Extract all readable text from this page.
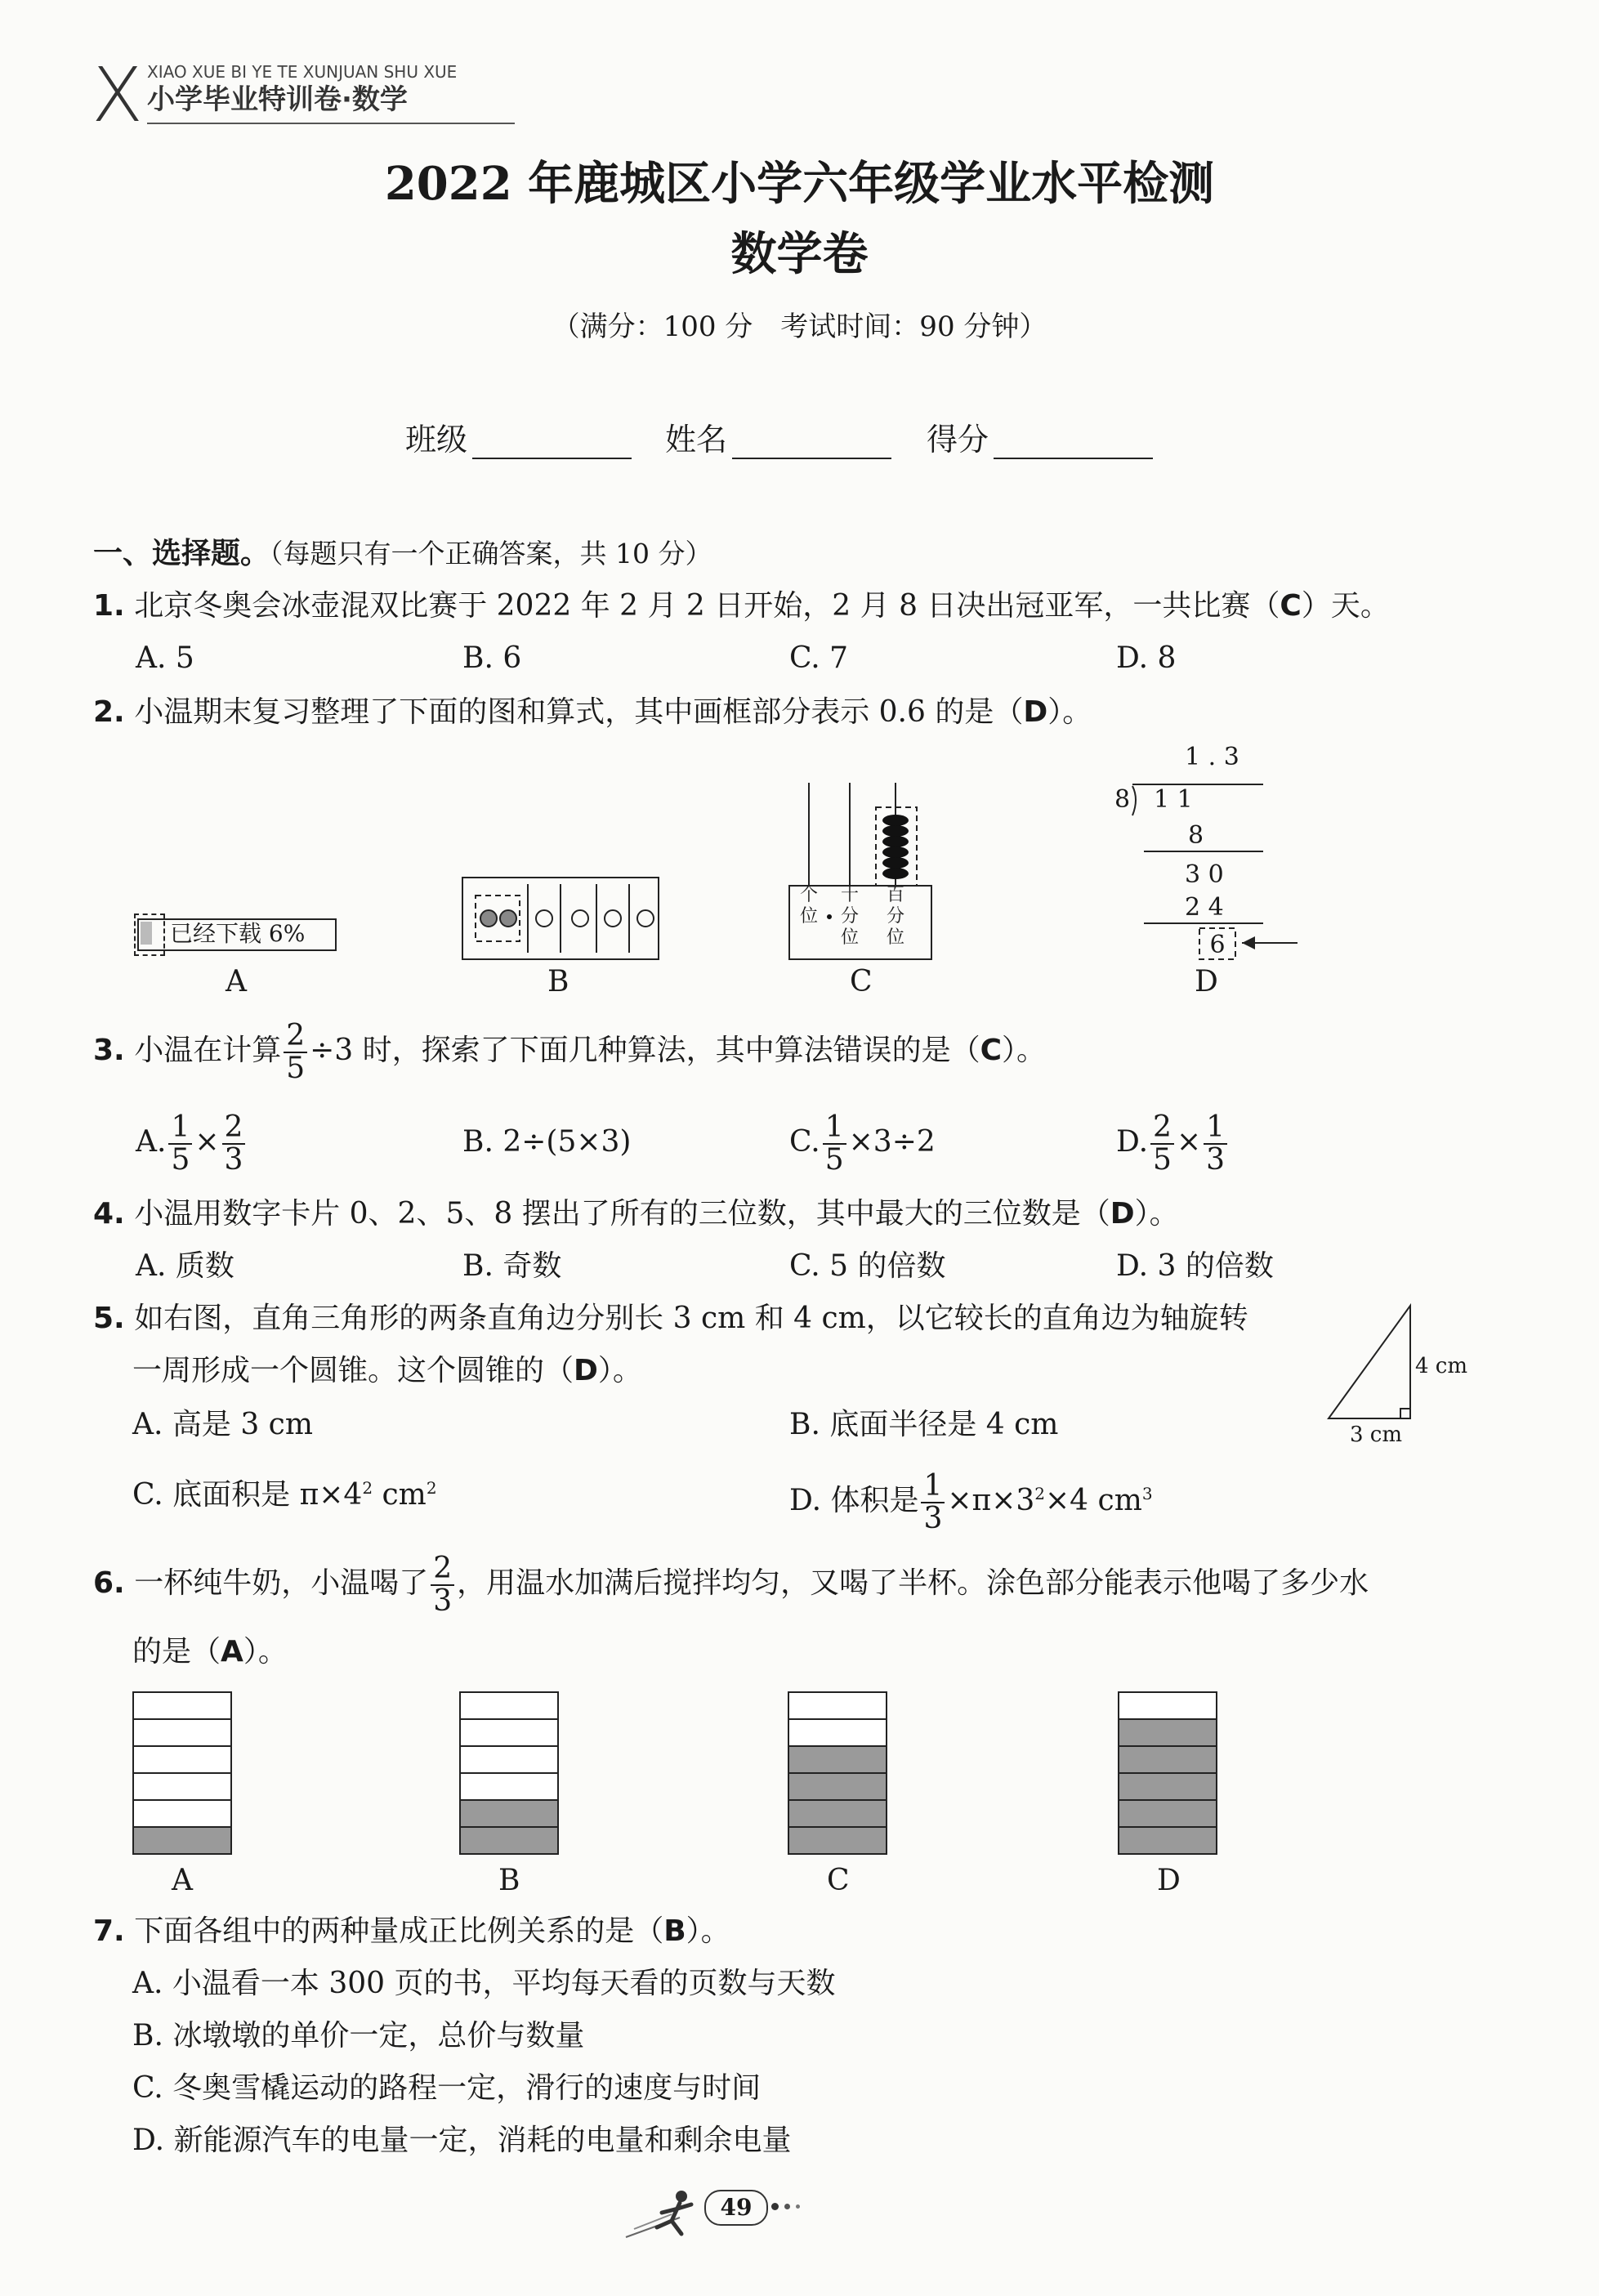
X XIAO XUE BI YE TE XUNJUAN SHU XUE
小学毕业特训卷·数学
2022 年鹿城区小学六年级学业水平检测
数学卷
（满分：100 分　考试时间：90 分钟）
班级	姓名	得分
一、选择题。（每题只有一个正确答案，共 10 分）
1. 北京冬奥会冰壶混双比赛于 2022 年 2 月 2 日开始，2 月 8 日决出冠亚军，一共比赛（C）天。
A. 5	B. 6	C. 7	D. 8
2. 小温期末复习整理了下面的图和算式，其中画框部分表示 0.6 的是（D）。
已经下载 6%
A	B
个
位
十
分
位
百
分
位
C
1 . 3
8 1 1
8
3 0
2 4
6
D
3. 小温在计算 $\frac{2}{5} \div 3$ 时，探索了下面几种算法，其中算法错误的是（C）。
A. $\frac{1}{5} \times \frac{2}{3}$	B. 2÷(5×3)	C. $\frac{1}{5} \times 3\div 2$	D. $\frac{2}{5} \times \frac{1}{3}$
4. 小温用数字卡片 0、2、5、8 摆出了所有的三位数，其中最大的三位数是（D）。
A. 质数	B. 奇数	C. 5 的倍数	D. 3 的倍数
5. 如右图，直角三角形的两条直角边分别长 3 cm 和 4 cm，以它较长的直角边为轴旋转
一周形成一个圆锥。这个圆锥的（D）。
A. 高是 3 cm	B. 底面半径是 4 cm
C. 底面积是 $\pi\times 4^2$ $cm^2$	D. 体积是 $\frac{1}{3} \times\pi\times 3^2\times 4$ $cm^3$
4 cm
3 cm
6. 一杯纯牛奶，小温喝了 $\frac{2}{3}$ ，用温水加满后搅拌均匀，又喝了半杯。涂色部分能表示他喝了多少水
的是（A）。
A	B	C	D
7. 下面各组中的两种量成正比例关系的是（B）。
A. 小温看一本 300 页的书，平均每天看的页数与天数
B. 冰墩墩的单价一定，总价与数量
C. 冬奥雪橇运动的路程一定，滑行的速度与时间
D. 新能源汽车的电量一定，消耗的电量和剩余电量
49
